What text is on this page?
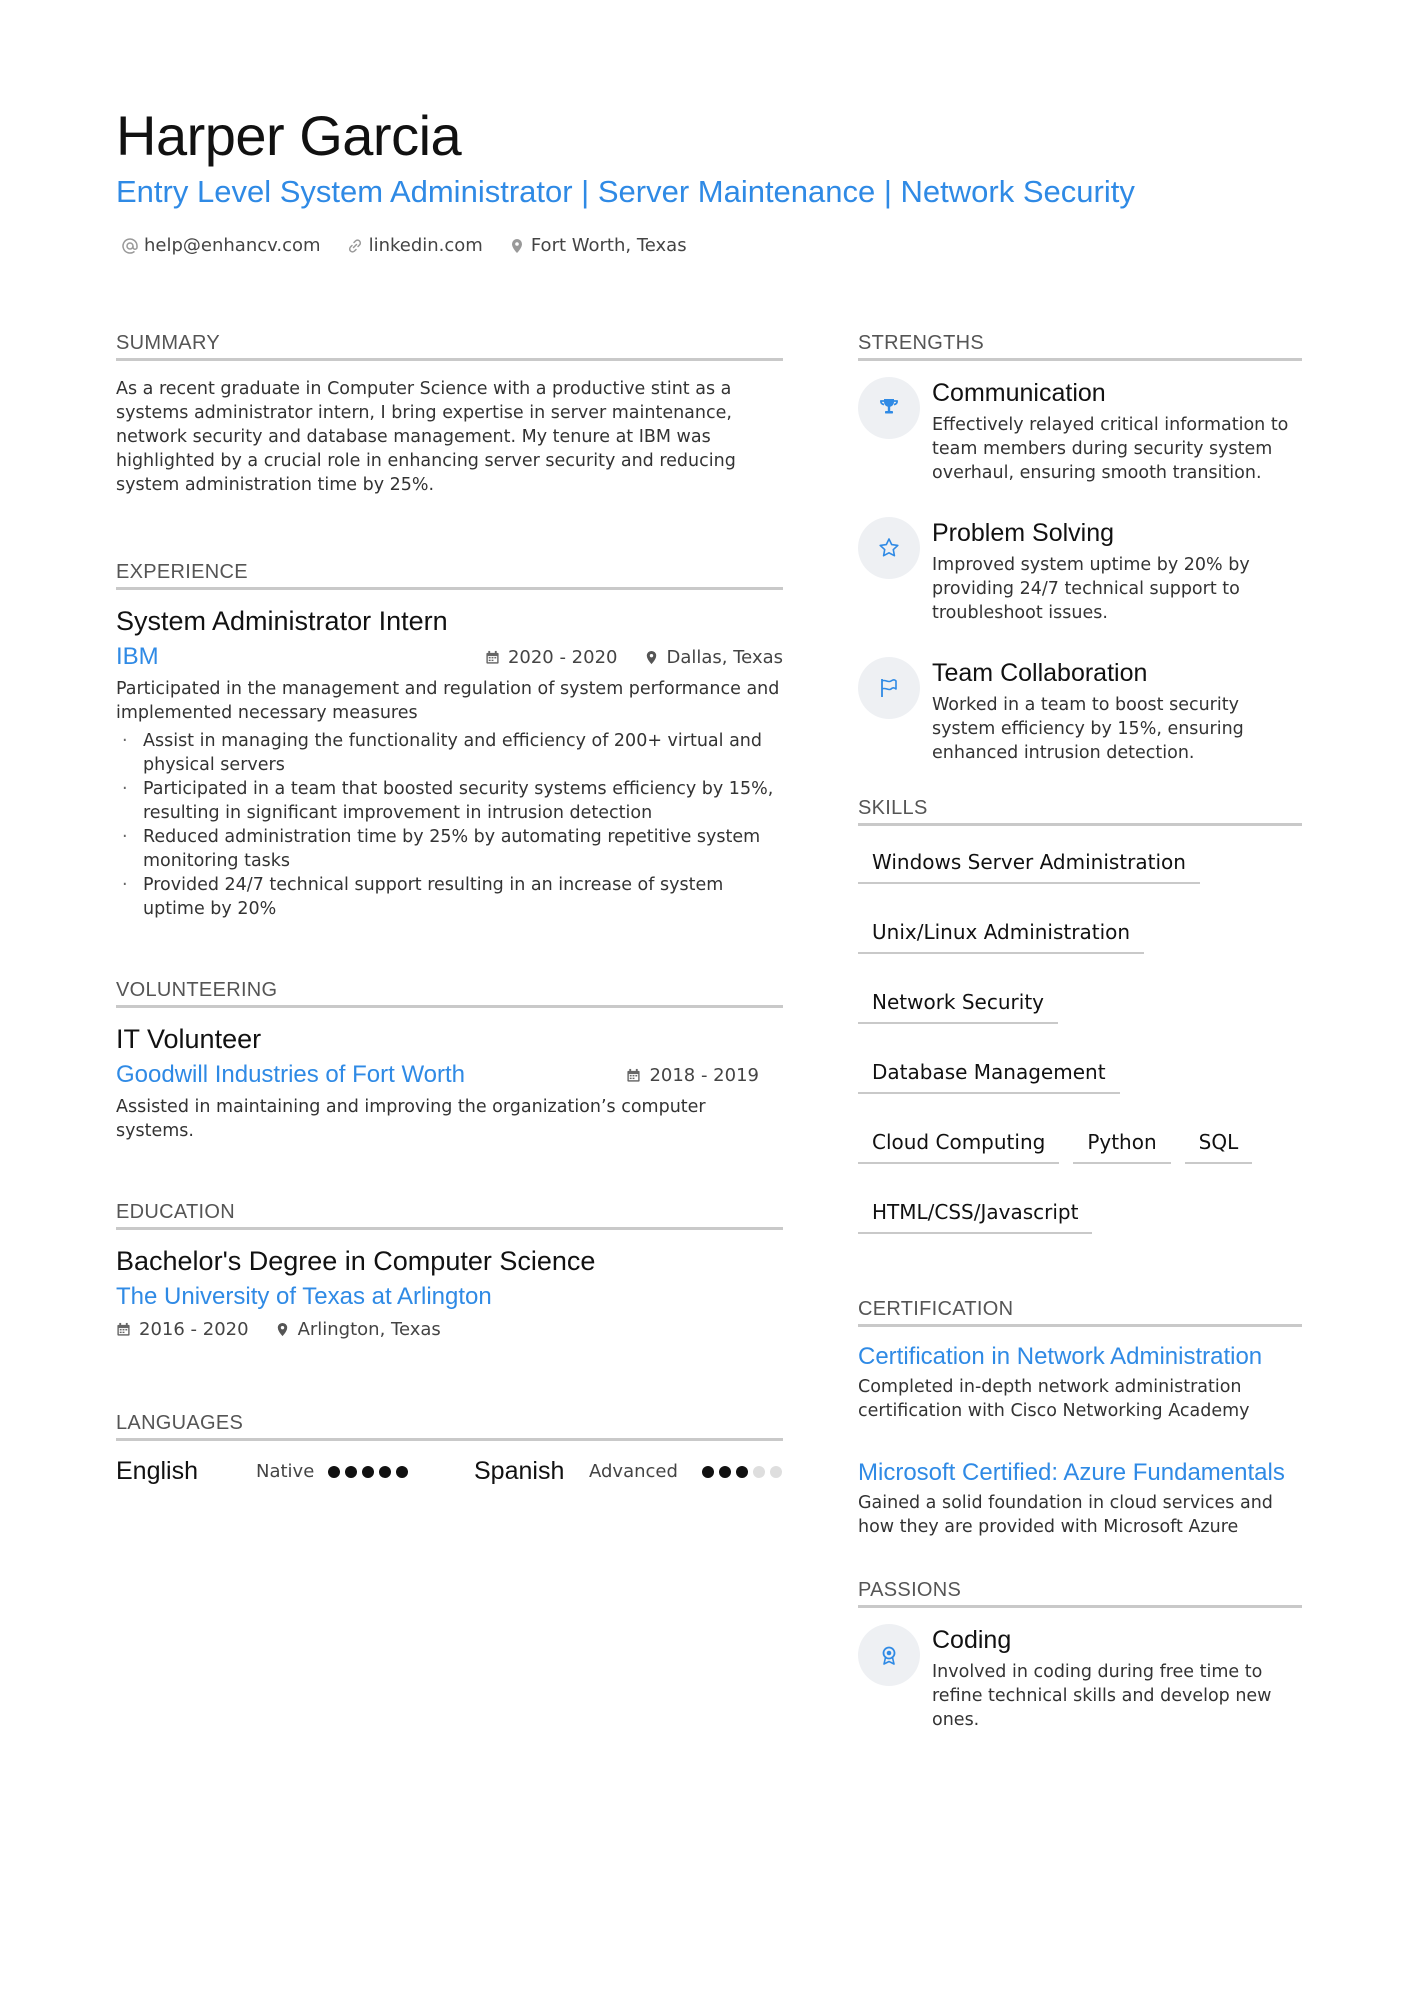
Harper Garcia
Entry Level System Administrator | Server Maintenance | Network Security
help@enhancv.com	linkedin.com	Fort Worth, Texas
SUMMARY

As a recent graduate in Computer Science with a productive stint as a systems administrator intern, I bring expertise in server maintenance, network security and database management. My tenure at IBM was highlighted by a crucial role in enhancing server security and reducing system administration time by 25%.

EXPERIENCE
System Administrator Intern
IBM	2020 - 2020	Dallas, Texas

Participated in the management and regulation of system performance and implemented necessary measures

· Assist in managing the functionality and efficiency of 200+ virtual and physical servers
· Participated in a team that boosted security systems efficiency by 15%, resulting in significant improvement in intrusion detection
· Reduced administration time by 25% by automating repetitive system monitoring tasks
· Provided 24/7 technical support resulting in an increase of system uptime by 20%
VOLUNTEERING
IT Volunteer
Goodwill Industries of Fort Worth	2018 - 2019

Assisted in maintaining and improving the organization’s computer systems.

EDUCATION
Bachelor's Degree in Computer Science
The University of Texas at Arlington
2016 - 2020	Arlington, Texas
LANGUAGES
English	Native	Spanish	Advanced
STRENGTHS
Communication
Effectively relayed critical information to team members during security system overhaul, ensuring smooth transition.
Problem Solving
Improved system uptime by 20% by providing 24/7 technical support to troubleshoot issues.
Team Collaboration
Worked in a team to boost security system efficiency by 15%, ensuring enhanced intrusion detection.
SKILLS
Windows Server Administration
Unix/Linux Administration
Network Security
Database Management
Cloud Computing	Python	SQL
HTML/CSS/Javascript
CERTIFICATION
Certification in Network Administration
Completed in-depth network administration certification with Cisco Networking Academy
Microsoft Certified: Azure Fundamentals
Gained a solid foundation in cloud services and how they are provided with Microsoft Azure
PASSIONS
Coding
Involved in coding during free time to refine technical skills and develop new ones.
